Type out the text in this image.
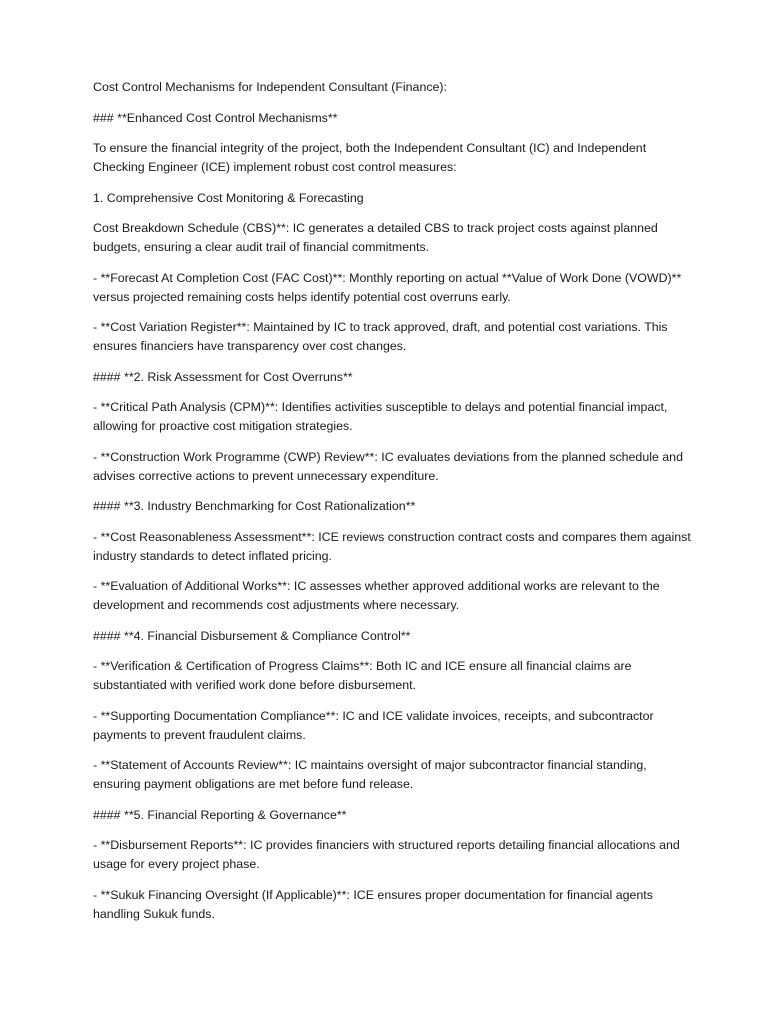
Cost Control Mechanisms for Independent Consultant (Finance):

### **Enhanced Cost Control Mechanisms**

To ensure the financial integrity of the project, both the Independent Consultant (IC) and Independent Checking Engineer (ICE) implement robust cost control measures:

1. Comprehensive Cost Monitoring & Forecasting

Cost Breakdown Schedule (CBS)**: IC generates a detailed CBS to track project costs against planned budgets, ensuring a clear audit trail of financial commitments.

- **Forecast At Completion Cost (FAC Cost)**: Monthly reporting on actual **Value of Work Done (VOWD)** versus projected remaining costs helps identify potential cost overruns early.

- **Cost Variation Register**: Maintained by IC to track approved, draft, and potential cost variations. This ensures financiers have transparency over cost changes.

#### **2. Risk Assessment for Cost Overruns**

- **Critical Path Analysis (CPM)**: Identifies activities susceptible to delays and potential financial impact, allowing for proactive cost mitigation strategies.

- **Construction Work Programme (CWP) Review**: IC evaluates deviations from the planned schedule and advises corrective actions to prevent unnecessary expenditure.

#### **3. Industry Benchmarking for Cost Rationalization**

- **Cost Reasonableness Assessment**: ICE reviews construction contract costs and compares them against industry standards to detect inflated pricing.

- **Evaluation of Additional Works**: IC assesses whether approved additional works are relevant to the development and recommends cost adjustments where necessary.

#### **4. Financial Disbursement & Compliance Control**

- **Verification & Certification of Progress Claims**: Both IC and ICE ensure all financial claims are substantiated with verified work done before disbursement.

- **Supporting Documentation Compliance**: IC and ICE validate invoices, receipts, and subcontractor payments to prevent fraudulent claims.

- **Statement of Accounts Review**: IC maintains oversight of major subcontractor financial standing, ensuring payment obligations are met before fund release.

#### **5. Financial Reporting & Governance**

- **Disbursement Reports**: IC provides financiers with structured reports detailing financial allocations and usage for every project phase.

- **Sukuk Financing Oversight (If Applicable)**: ICE ensures proper documentation for financial agents handling Sukuk funds.
